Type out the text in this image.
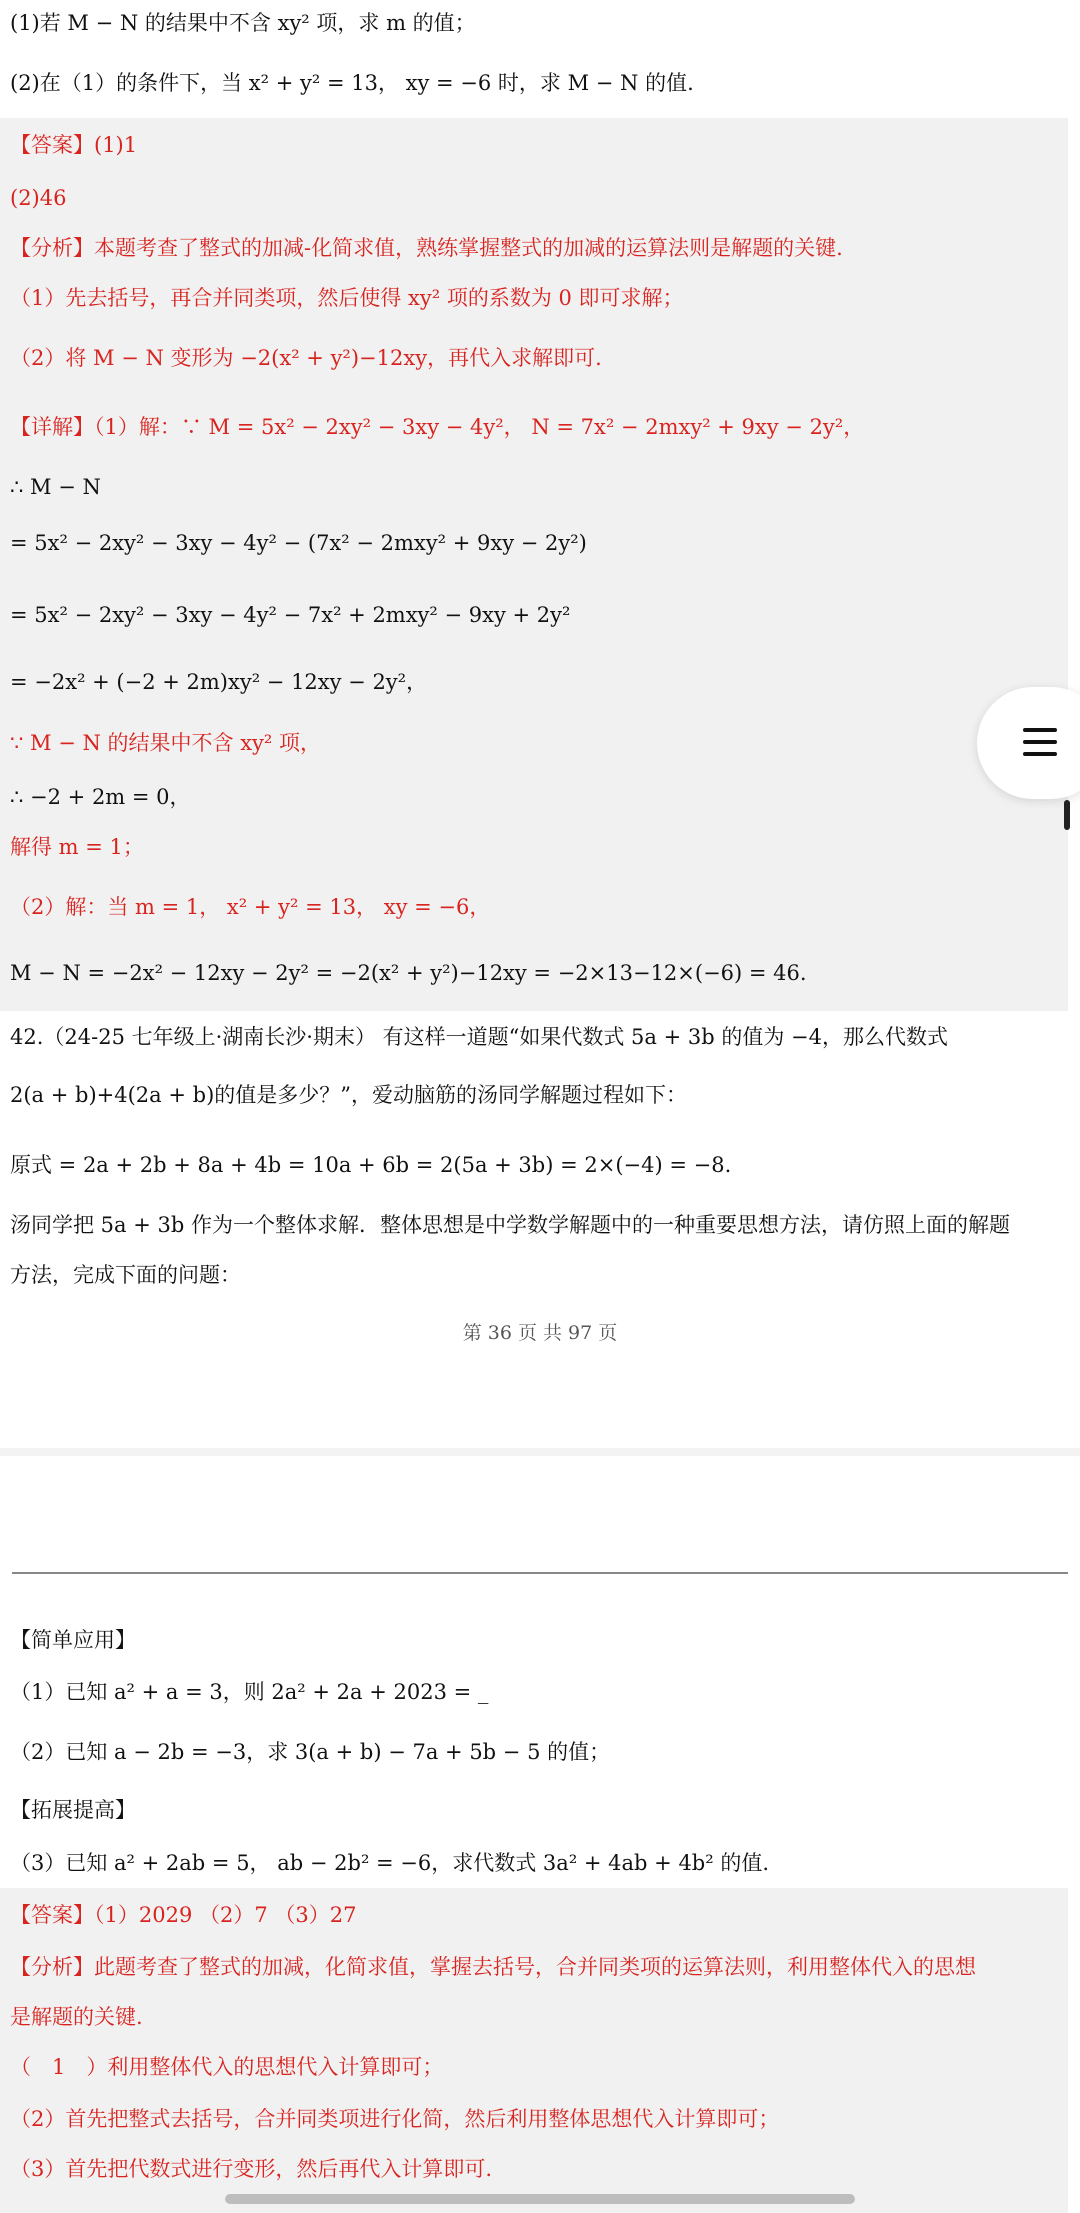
(1)若 M − N 的结果中不含 xy² 项，求 m 的值；
(2)在（1）的条件下，当 x² + y² = 13， xy = −6 时，求 M − N 的值.
【答案】(1)1
(2)46
【分析】本题考查了整式的加减-化简求值，熟练掌握整式的加减的运算法则是解题的关键.
（1）先去括号，再合并同类项，然后使得 xy² 项的系数为 0 即可求解；
（2）将 M − N 变形为 −2(x² + y²)−12xy，再代入求解即可.
【详解】（1）解：∵ M = 5x² − 2xy² − 3xy − 4y²， N = 7x² − 2mxy² + 9xy − 2y²，
∴ M − N
= 5x² − 2xy² − 3xy − 4y² − (7x² − 2mxy² + 9xy − 2y²)
= 5x² − 2xy² − 3xy − 4y² − 7x² + 2mxy² − 9xy + 2y²
= −2x² + (−2 + 2m)xy² − 12xy − 2y²，
∵ M − N 的结果中不含 xy² 项，
∴ −2 + 2m = 0，
解得 m = 1；
（2）解：当 m = 1， x² + y² = 13， xy = −6，
M − N = −2x² − 12xy − 2y² = −2(x² + y²)−12xy = −2×13−12×(−6) = 46.
42.（24-25 七年级上·湖南长沙·期末） 有这样一道题“如果代数式 5a + 3b 的值为 −4，那么代数式
2(a + b)+4(2a + b)的值是多少？”，爱动脑筋的汤同学解题过程如下：
原式 = 2a + 2b + 8a + 4b = 10a + 6b = 2(5a + 3b) = 2×(−4) = −8.
汤同学把 5a + 3b 作为一个整体求解．整体思想是中学数学解题中的一种重要思想方法，请仿照上面的解题
方法，完成下面的问题：
第 36 页 共 97 页
【简单应用】
（1）已知 a² + a = 3，则 2a² + 2a + 2023 = _
（2）已知 a − 2b = −3，求 3(a + b) − 7a + 5b − 5 的值；
【拓展提高】
（3）已知 a² + 2ab = 5， ab − 2b² = −6，求代数式 3a² + 4ab + 4b² 的值.
【答案】（1）2029 （2）7 （3）27
【分析】此题考查了整式的加减，化简求值，掌握去括号，合并同类项的运算法则，利用整体代入的思想
是解题的关键.
（　1　）利用整体代入的思想代入计算即可；
（2）首先把整式去括号，合并同类项进行化简，然后利用整体思想代入计算即可；
（3）首先把代数式进行变形，然后再代入计算即可.
